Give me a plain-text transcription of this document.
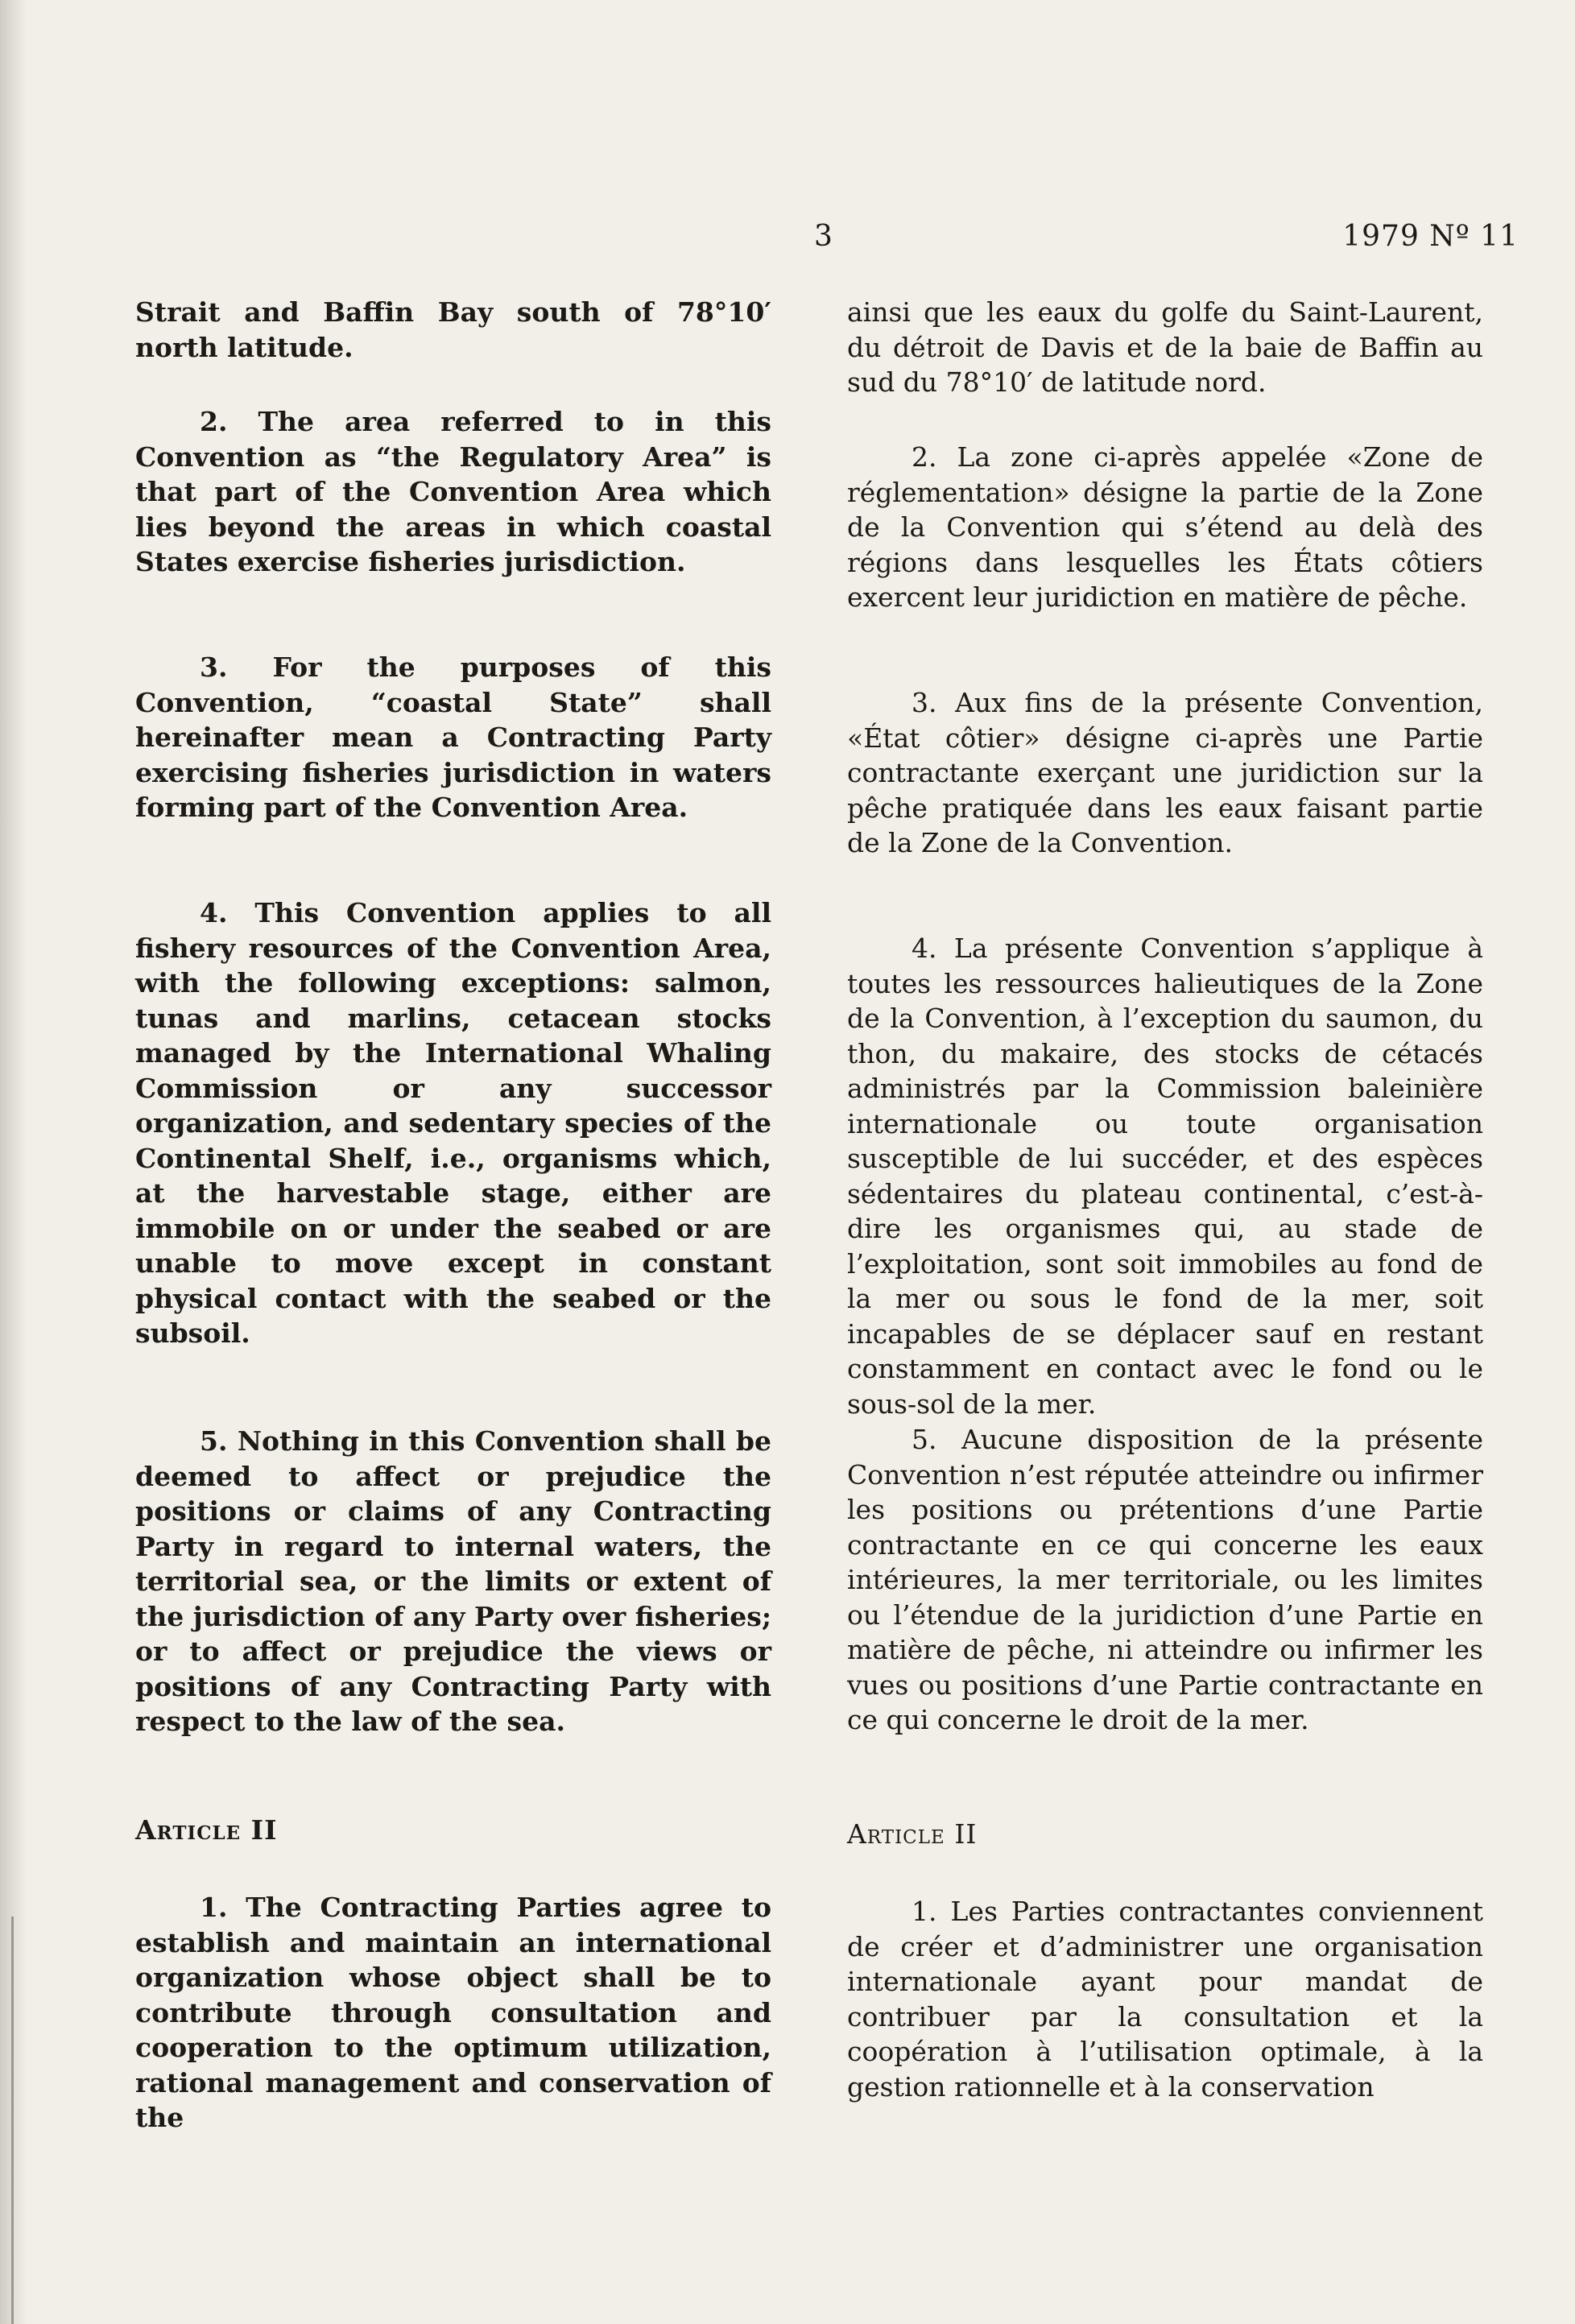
3	1979 Nº 11

Strait and Baffin Bay south of 78°10′ north latitude.

2. The area referred to in this Convention as “the Regulatory Area” is that part of the Convention Area which lies beyond the areas in which coastal States exercise fisheries jurisdiction.

3. For the purposes of this Convention, “coastal State” shall hereinafter mean a Contracting Party exercising fisheries jurisdiction in waters forming part of the Convention Area.

4. This Convention applies to all fishery resources of the Convention Area, with the following exceptions: salmon, tunas and marlins, cetacean stocks managed by the International Whaling Commission or any successor organization, and sedentary species of the Continental Shelf, i.e., organisms which, at the harvestable stage, either are immobile on or under the seabed or are unable to move except in constant physical contact with the seabed or the subsoil.

5. Nothing in this Convention shall be deemed to affect or prejudice the positions or claims of any Contracting Party in regard to internal waters, the territorial sea, or the limits or extent of the jurisdiction of any Party over fisheries; or to affect or prejudice the views or positions of any Contracting Party with respect to the law of the sea.

Article II

1. The Contracting Parties agree to establish and maintain an international organization whose object shall be to contribute through consultation and cooperation to the optimum utilization, rational management and conservation of the

ainsi que les eaux du golfe du Saint-Laurent, du détroit de Davis et de la baie de Baffin au sud du 78°10′ de latitude nord.

2. La zone ci-après appelée «Zone de réglementation» désigne la partie de la Zone de la Convention qui s’étend au delà des régions dans lesquelles les États côtiers exercent leur juridiction en matière de pêche.

3. Aux fins de la présente Convention, «État côtier» désigne ci-après une Partie contractante exerçant une juridiction sur la pêche pratiquée dans les eaux faisant partie de la Zone de la Convention.

4. La présente Convention s’applique à toutes les ressources halieutiques de la Zone de la Convention, à l’exception du saumon, du thon, du makaire, des stocks de cétacés administrés par la Commission baleinière internationale ou toute organisation susceptible de lui succéder, et des espèces sédentaires du plateau continental, c’est-à-dire les organismes qui, au stade de l’exploitation, sont soit immobiles au fond de la mer ou sous le fond de la mer, soit incapables de se déplacer sauf en restant constamment en contact avec le fond ou le sous-sol de la mer.

5. Aucune disposition de la présente Convention n’est réputée atteindre ou infirmer les positions ou prétentions d’une Partie contractante en ce qui concerne les eaux intérieures, la mer territoriale, ou les limites ou l’étendue de la juridiction d’une Partie en matière de pêche, ni atteindre ou infirmer les vues ou positions d’une Partie contractante en ce qui concerne le droit de la mer.

Article II

1. Les Parties contractantes conviennent de créer et d’administrer une organisation internationale ayant pour mandat de contribuer par la consultation et la coopération à l’utilisation optimale, à la gestion rationnelle et à la conservation
